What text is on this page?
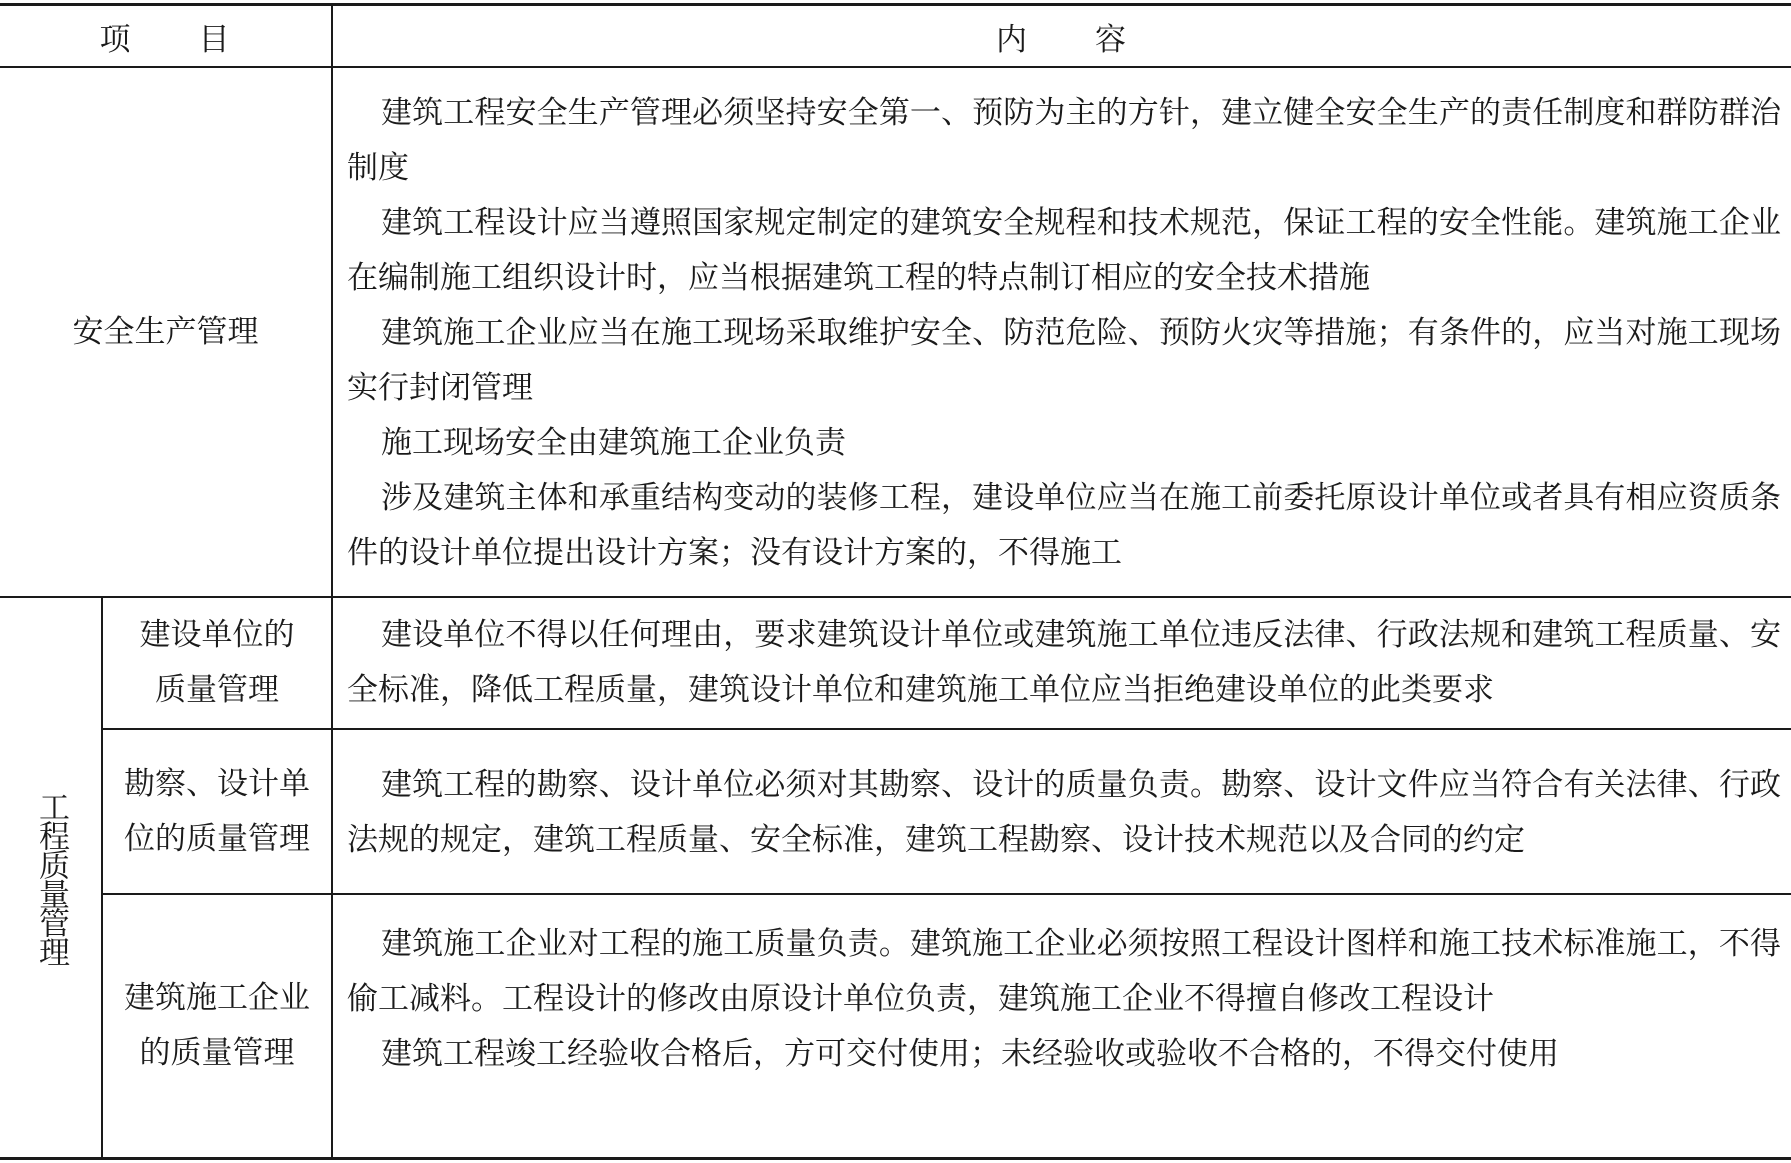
项　　目	内　　容
安全生产管理

建筑工程安全生产管理必须坚持安全第一、预防为主的方针，建立健全安全生产的责任制度和群防群治制度

建筑工程设计应当遵照国家规定制定的建筑安全规程和技术规范，保证工程的安全性能。建筑施工企业在编制施工组织设计时，应当根据建筑工程的特点制订相应的安全技术措施

建筑施工企业应当在施工现场采取维护安全、防范危险、预防火灾等措施；有条件的，应当对施工现场实行封闭管理

施工现场安全由建筑施工企业负责

涉及建筑主体和承重结构变动的装修工程，建设单位应当在施工前委托原设计单位或者具有相应资质条件的设计单位提出设计方案；没有设计方案的，不得施工

工程质量管理
建设单位的
质量管理

建设单位不得以任何理由，要求建筑设计单位或建筑施工单位违反法律、行政法规和建筑工程质量、安全标准，降低工程质量，建筑设计单位和建筑施工单位应当拒绝建设单位的此类要求

勘察、设计单
位的质量管理

建筑工程的勘察、设计单位必须对其勘察、设计的质量负责。勘察、设计文件应当符合有关法律、行政法规的规定，建筑工程质量、安全标准，建筑工程勘察、设计技术规范以及合同的约定

建筑施工企业
的质量管理

建筑施工企业对工程的施工质量负责。建筑施工企业必须按照工程设计图样和施工技术标准施工，不得偷工减料。工程设计的修改由原设计单位负责，建筑施工企业不得擅自修改工程设计

建筑工程竣工经验收合格后，方可交付使用；未经验收或验收不合格的，不得交付使用
